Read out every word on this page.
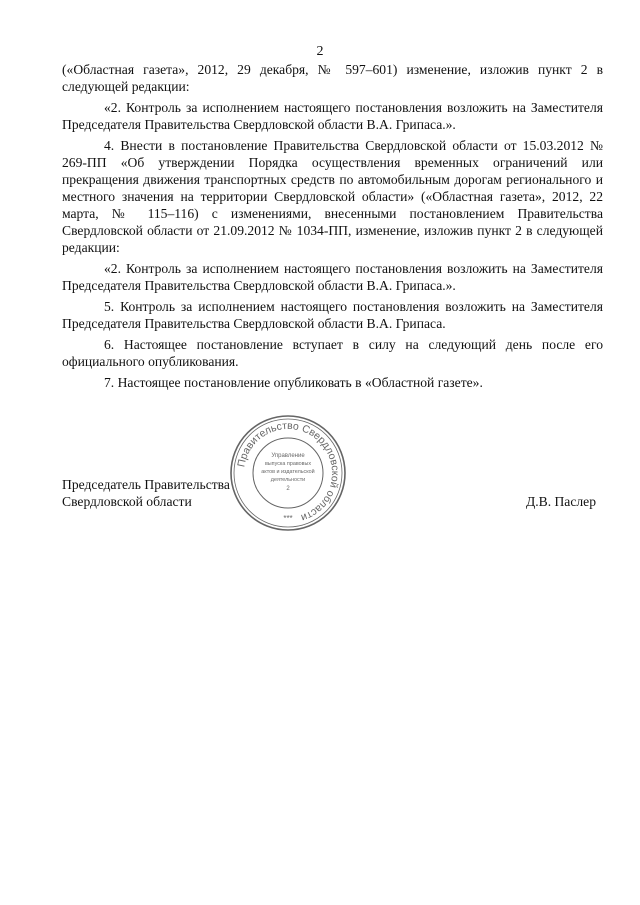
2

(«Областная газета», 2012, 29 декабря, № 597–601) изменение, изложив пункт 2 в следующей редакции:

«2. Контроль за исполнением настоящего постановления возложить на Заместителя Председателя Правительства Свердловской области В.А. Грипаса.».

4. Внести в постановление Правительства Свердловской области от 15.03.2012 № 269-ПП «Об утверждении Порядка осуществления временных ограничений или прекращения движения транспортных средств по автомобильным дорогам регионального и местного значения на территории Свердловской области» («Областная газета», 2012, 22 марта, № 115–116) с изменениями, внесенными постановлением Правительства Свердловской области от 21.09.2012 № 1034-ПП, изменение, изложив пункт 2 в следующей редакции:

«2. Контроль за исполнением настоящего постановления возложить на Заместителя Председателя Правительства Свердловской области В.А. Грипаса.».

5. Контроль за исполнением настоящего постановления возложить на Заместителя Председателя Правительства Свердловской области В.А. Грипаса.

6. Настоящее постановление вступает в силу на следующий день после его официального опубликования.

7. Настоящее постановление опубликовать в «Областной газете».

Председатель Правительства
Свердловской области	Д.В. Паслер
Правительство Свердловской области
Управление
выпуска правовых
актов и издательской
деятельности
2
***
